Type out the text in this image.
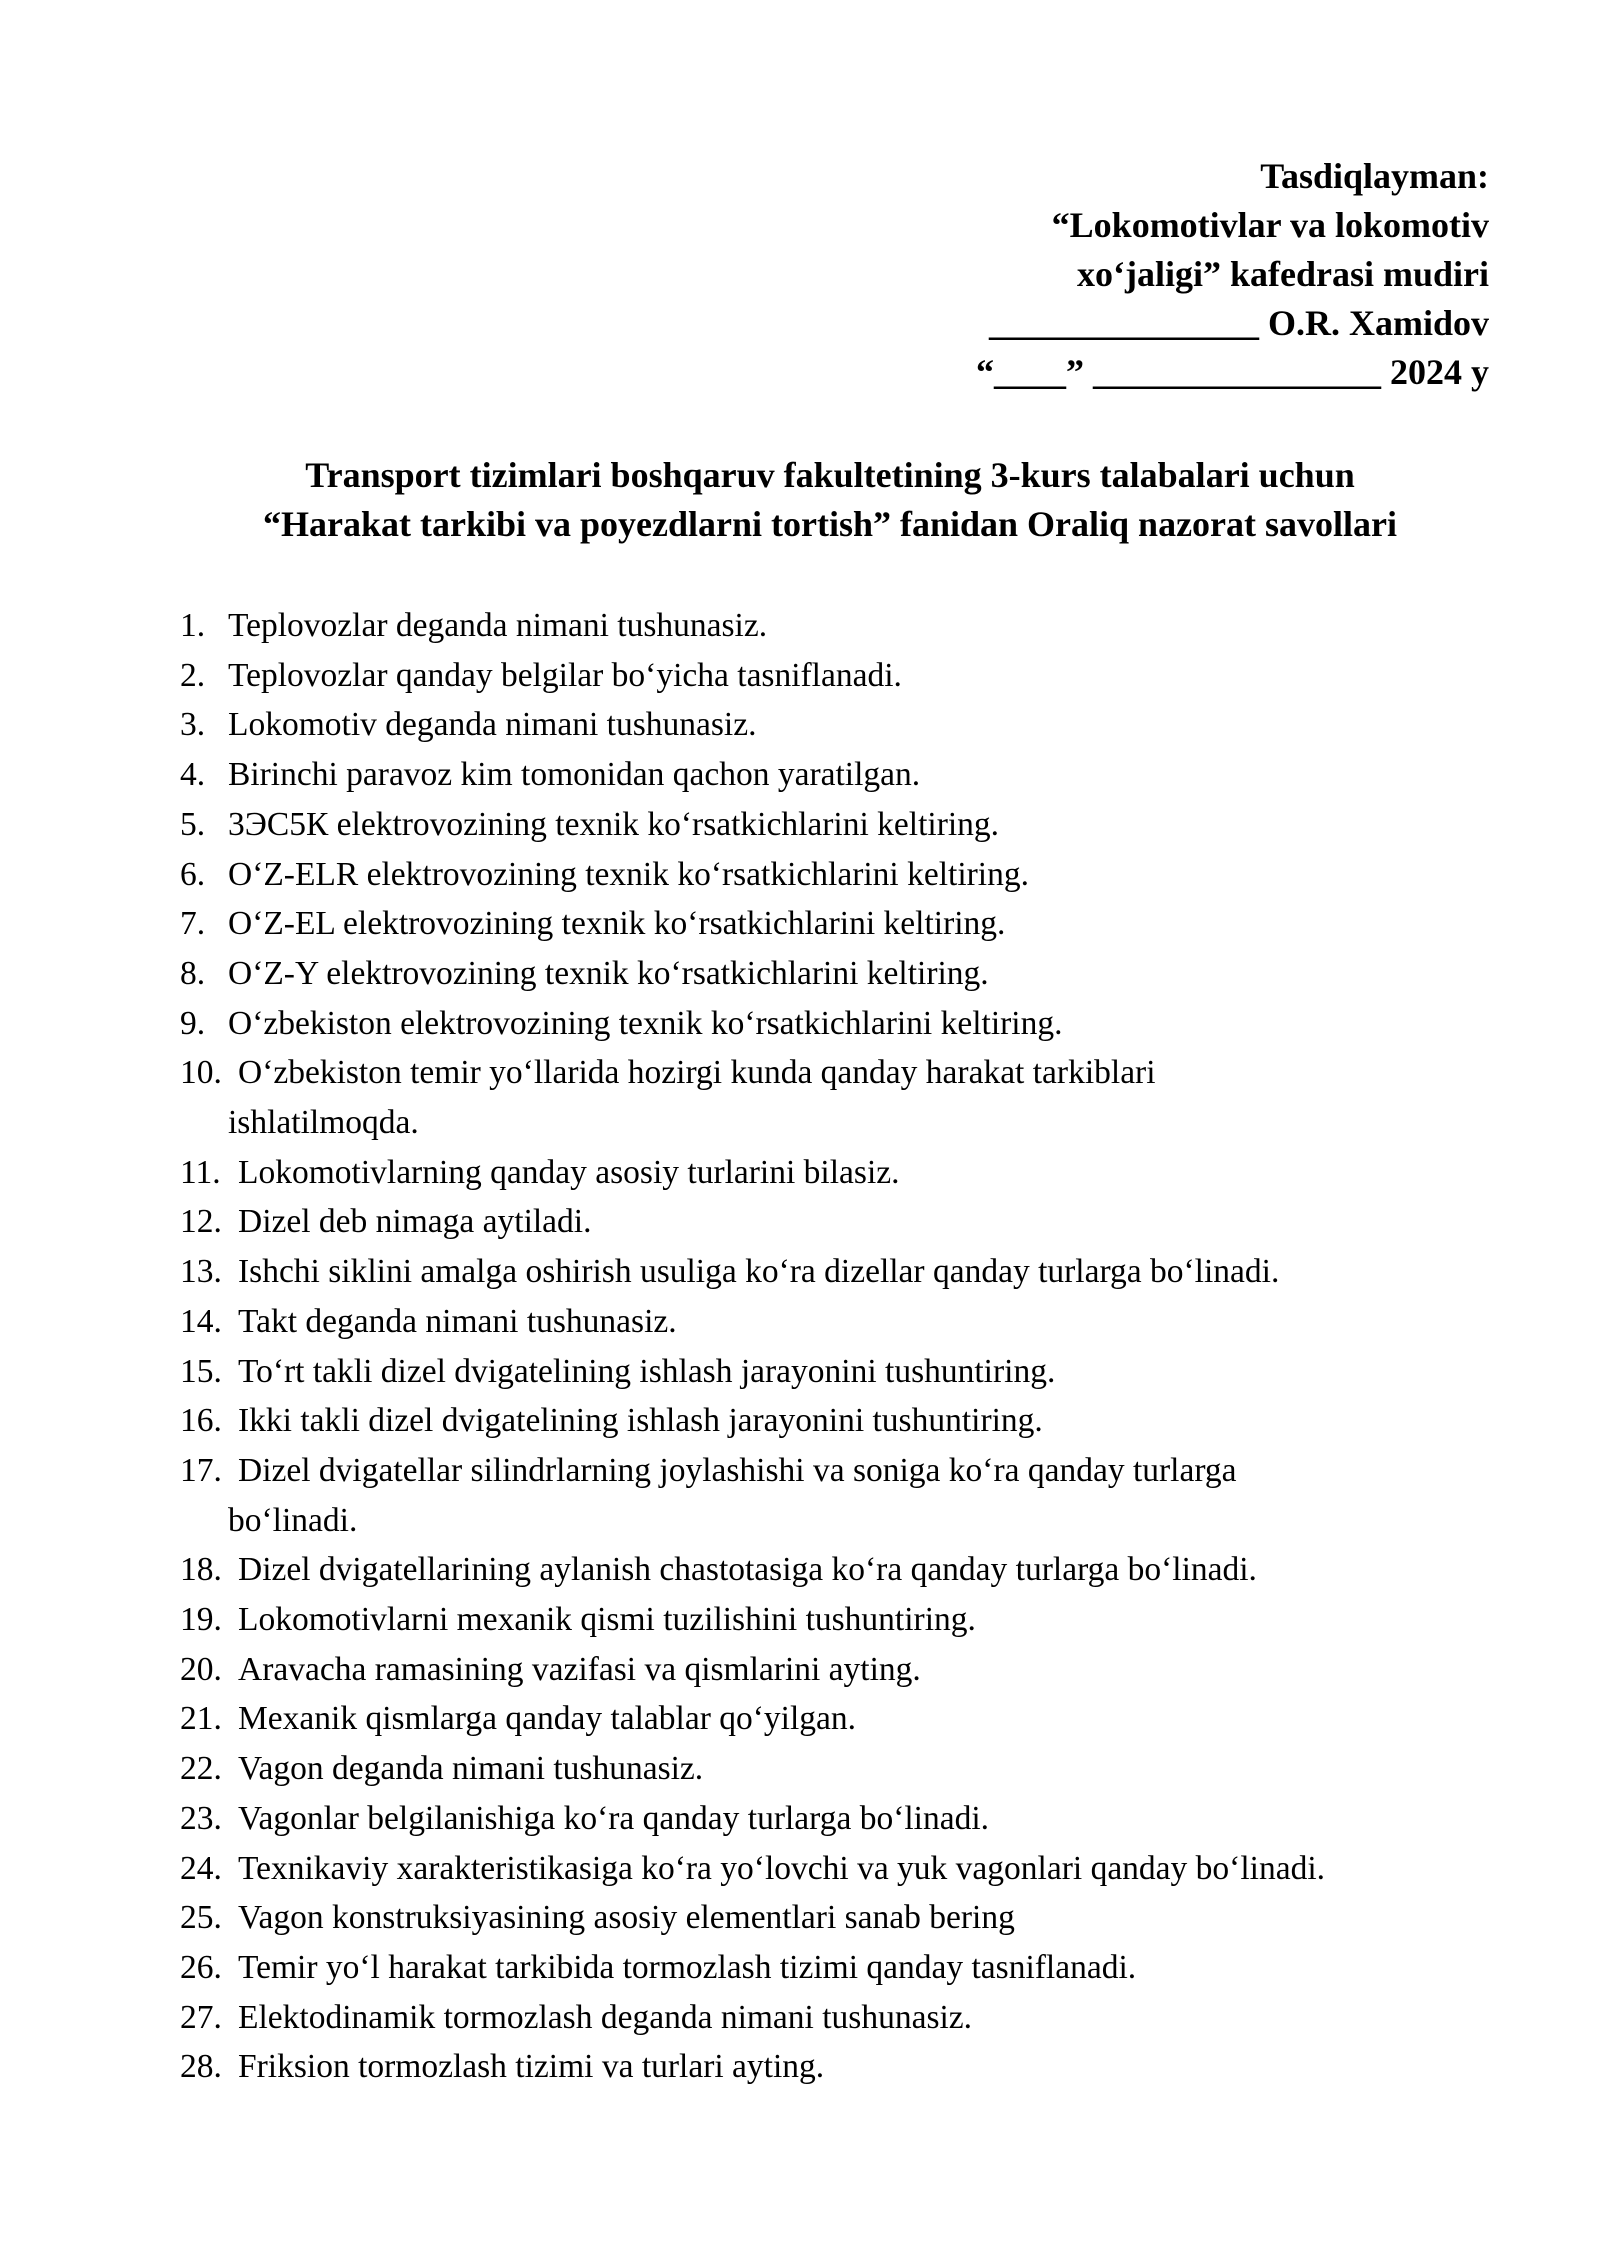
Tasdiqlayman:
“Lokomotivlar va lokomotiv
xo‘jaligi” kafedrasi mudiri
_______________ O.R. Xamidov
“____” ________________ 2024 y
Transport tizimlari boshqaruv fakultetining 3-kurs talabalari uchun
“Harakat tarkibi va poyezdlarni tortish” fanidan Oraliq nazorat savollari
1. Teplovozlar deganda nimani tushunasiz.
2. Teplovozlar qanday belgilar bo‘yicha tasniflanadi.
3. Lokomotiv deganda nimani tushunasiz.
4. Birinchi paravoz kim tomonidan qachon yaratilgan.
5. 3ЭС5К elektrovozining texnik ko‘rsatkichlarini keltiring.
6. O‘Z-ELR elektrovozining texnik ko‘rsatkichlarini keltiring.
7. O‘Z-EL elektrovozining texnik ko‘rsatkichlarini keltiring.
8. O‘Z-Y elektrovozining texnik ko‘rsatkichlarini keltiring.
9. O‘zbekiston elektrovozining texnik ko‘rsatkichlarini keltiring.
10. O‘zbekiston temir yo‘llarida hozirgi kunda qanday harakat tarkiblari
ishlatilmoqda.
11. Lokomotivlarning qanday asosiy turlarini bilasiz.
12. Dizel deb nimaga aytiladi.
13. Ishchi siklini amalga oshirish usuliga ko‘ra dizellar qanday turlarga bo‘linadi.
14. Takt deganda nimani tushunasiz.
15. To‘rt takli dizel dvigatelining ishlash jarayonini tushuntiring.
16. Ikki takli dizel dvigatelining ishlash jarayonini tushuntiring.
17. Dizel dvigatellar silindrlarning joylashishi va soniga ko‘ra qanday turlarga
bo‘linadi.
18. Dizel dvigatellarining aylanish chastotasiga ko‘ra qanday turlarga bo‘linadi.
19. Lokomotivlarni mexanik qismi tuzilishini tushuntiring.
20. Aravacha ramasining vazifasi va qismlarini ayting.
21. Mexanik qismlarga qanday talablar qo‘yilgan.
22. Vagon deganda nimani tushunasiz.
23. Vagonlar belgilanishiga ko‘ra qanday turlarga bo‘linadi.
24. Texnikaviy xarakteristikasiga ko‘ra yo‘lovchi va yuk vagonlari qanday bo‘linadi.
25. Vagon konstruksiyasining asosiy elementlari sanab bering
26. Temir yo‘l harakat tarkibida tormozlash tizimi qanday tasniflanadi.
27. Elektodinamik tormozlash deganda nimani tushunasiz.
28. Friksion tormozlash tizimi va turlari ayting.
